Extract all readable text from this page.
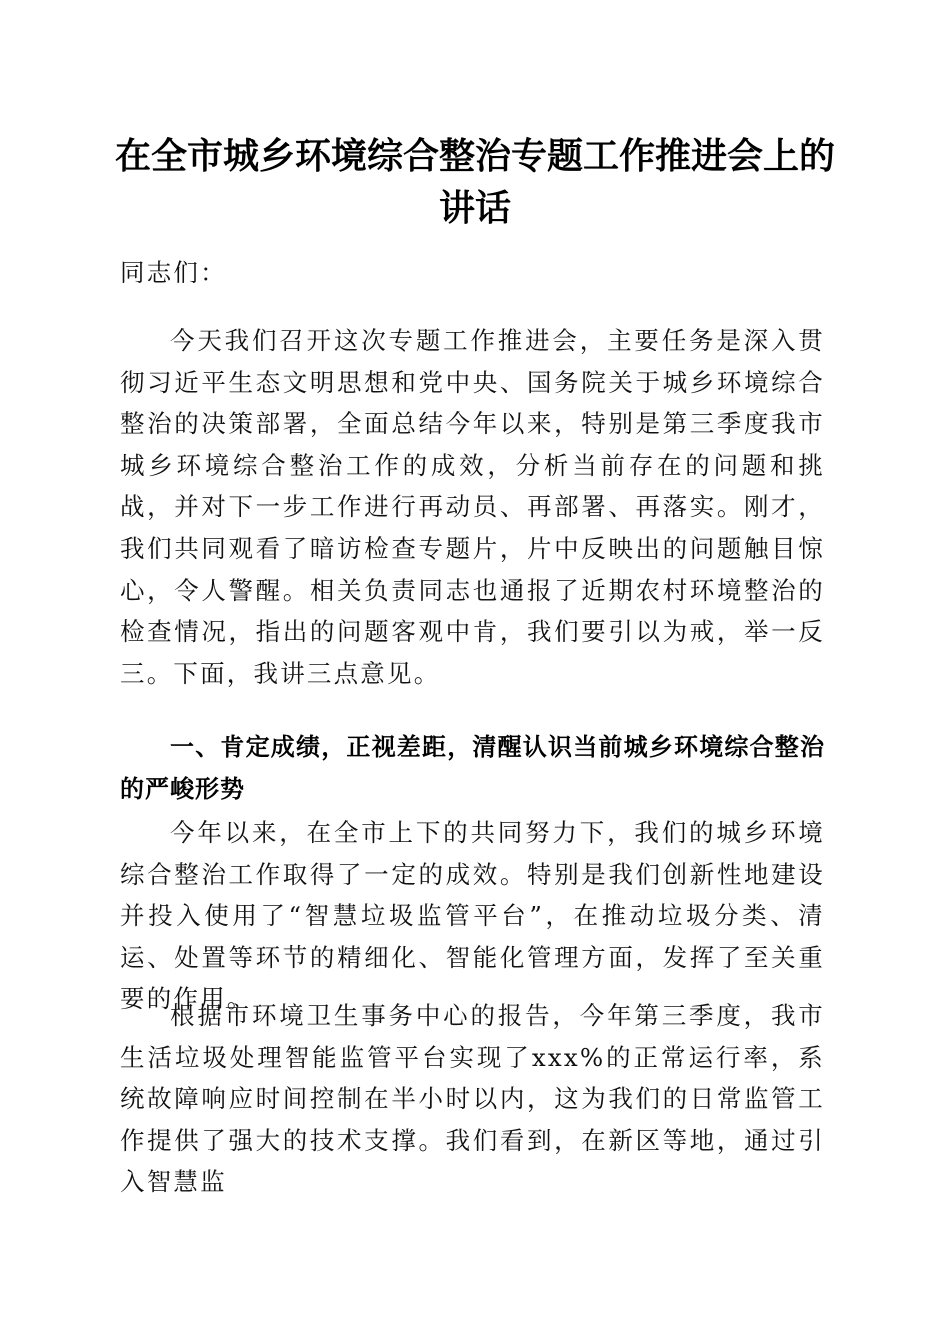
在全市城乡环境综合整治专题工作推进会上的讲话

同志们：

今天我们召开这次专题工作推进会，主要任务是深入贯彻习近平生态文明思想和党中央、国务院关于城乡环境综合整治的决策部署，全面总结今年以来，特别是第三季度我市城乡环境综合整治工作的成效，分析当前存在的问题和挑战，并对下一步工作进行再动员、再部署、再落实。刚才，我们共同观看了暗访检查专题片，片中反映出的问题触目惊心，令人警醒。相关负责同志也通报了近期农村环境整治的检查情况，指出的问题客观中肯，我们要引以为戒，举一反三。下面，我讲三点意见。

一、肯定成绩，正视差距，清醒认识当前城乡环境综合整治的严峻形势

今年以来，在全市上下的共同努力下，我们的城乡环境综合整治工作取得了一定的成效。特别是我们创新性地建设并投入使用了“智慧垃圾监管平台”，在推动垃圾分类、清运、处置等环节的精细化、智能化管理方面，发挥了至关重要的作用。

根据市环境卫生事务中心的报告，今年第三季度，我市生活垃圾处理智能监管平台实现了xxx%的正常运行率，系统故障响应时间控制在半小时以内，这为我们的日常监管工作提供了强大的技术支撑。我们看到，在新区等地，通过引入智慧监
